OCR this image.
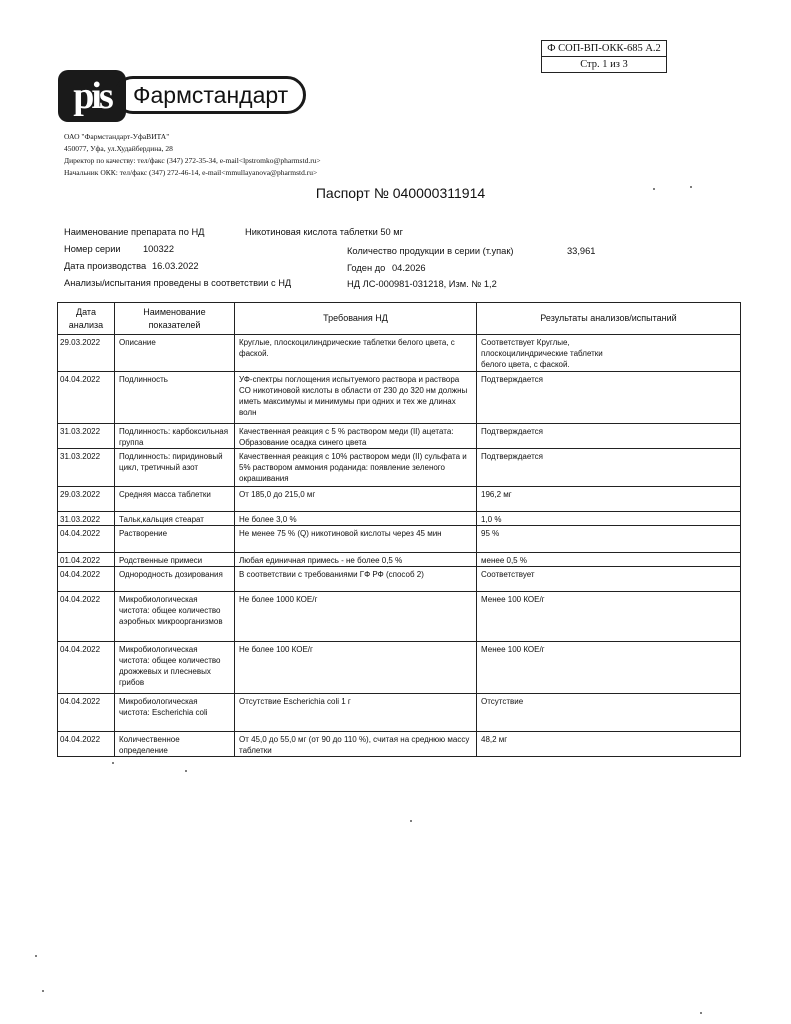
Ф СОП-ВП-ОКК-685 А.2
Стр. 1 из 3
pis Фармстандарт
ОАО "Фармстандарт-УфаВИТА"
450077, Уфа, ул.Худайбердина, 28
Директор по качеству: тел/факс (347) 272-35-34, e-mail<lpstromko@pharmstd.ru>
Начальник ОКК: тел/факс (347) 272-46-14, e-mail<mmullayanova@pharmstd.ru>
Паспорт № 040000311914
Наименование препарата по НД	Никотиновая кислота таблетки 50 мг
Номер серии 100322	Количество продукции в серии (т.упак)	33,961
Дата производства 16.03.2022	Годен до 04.2026
Анализы/испытания проведены в соответствии с НД	НД ЛС-000981-031218, Изм. № 1,2
Дата анализа	Наименование показателей	Требования НД	Результаты анализов/испытаний
29.03.2022	Описание	Круглые, плоскоцилиндрические таблетки белого цвета, с фаской.	Соответствует Круглые, плоскоцилиндрические таблетки белого цвета, с фаской.
04.04.2022	Подлинность	УФ-спектры поглощения испытуемого раствора и раствора СО никотиновой кислоты в области от 230 до 320 нм должны иметь максимумы и минимумы при одних и тех же длинах волн	Подтверждается
31.03.2022	Подлинность: карбоксильная группа	Качественная реакция с 5 % раствором меди (II) ацетата: Образование осадка синего цвета	Подтверждается
31.03.2022	Подлинность: пиридиновый цикл, третичный азот	Качественная реакция с 10% раствором меди (II) сульфата и 5% раствором аммония роданида: появление зеленого окрашивания	Подтверждается
29.03.2022	Средняя масса таблетки	От 185,0 до 215,0 мг	196,2 мг
31.03.2022	Тальк,кальция стеарат	Не более 3,0 %	1,0 %
04.04.2022	Растворение	Не менее 75 % (Q) никотиновой кислоты через 45 мин	95 %
01.04.2022	Родственные примеси	Любая единичная примесь - не более 0,5 %	менее 0,5 %
04.04.2022	Однородность дозирования	В соответствии с требованиями ГФ РФ (способ 2)	Соответствует
04.04.2022	Микробиологическая чистота: общее количество аэробных микроорганизмов	Не более 1000 КОЕ/г	Менее 100 КОЕ/г
04.04.2022	Микробиологическая чистота: общее количество дрожжевых и плесневых грибов	Не более 100 КОЕ/г	Менее 100 КОЕ/г
04.04.2022	Микробиологическая чистота: Escherichia coli	Отсутствие Escherichia coli 1 г	Отсутствие
04.04.2022	Количественное определение	От 45,0 до 55,0 мг (от 90 до 110 %), считая на среднюю массу таблетки	48,2 мг
